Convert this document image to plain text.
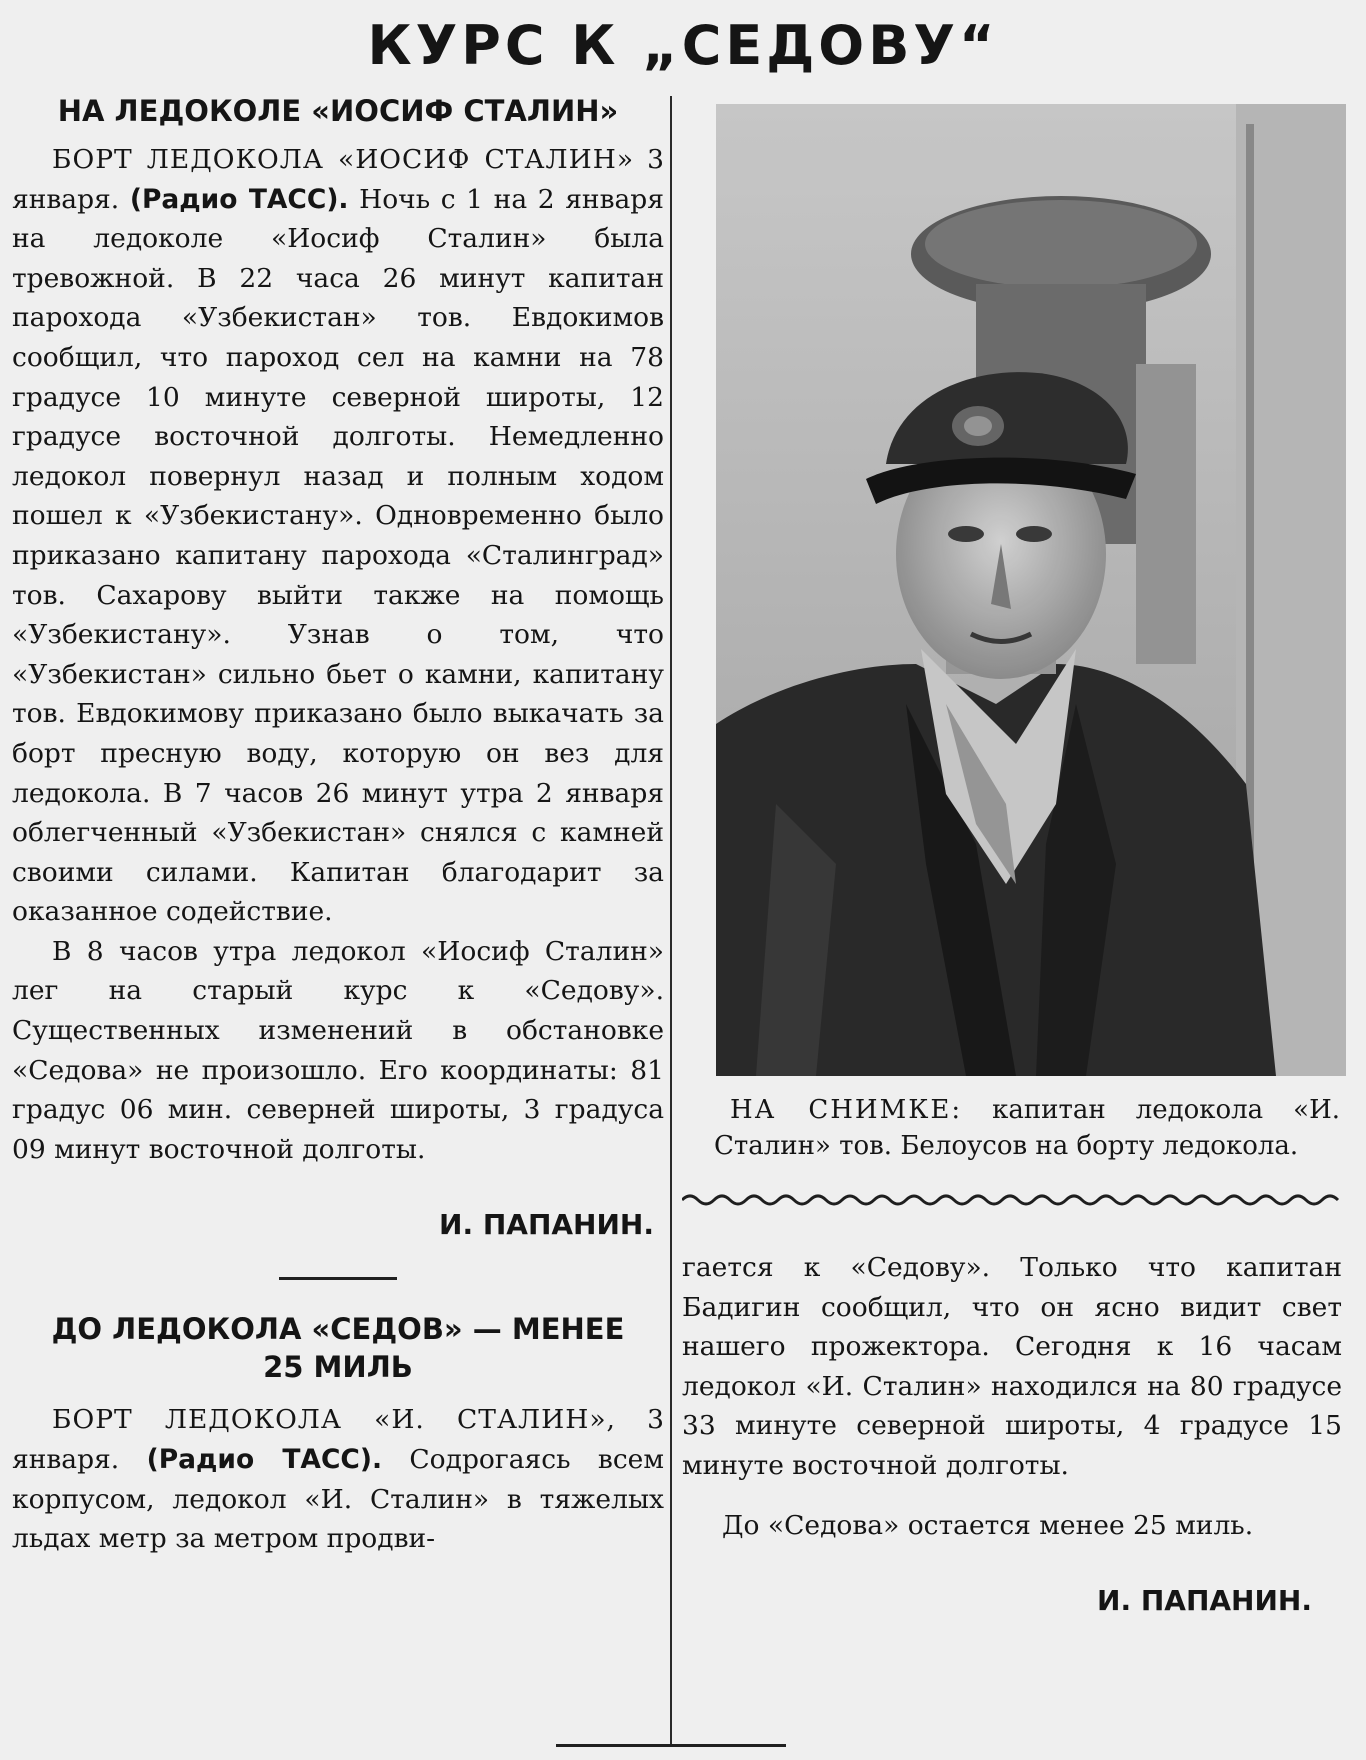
КУРС К „СЕДОВУ“
НА ЛЕДОКОЛЕ «ИОСИФ СТАЛИН»

БОРТ ЛЕДОКОЛА «ИОСИФ СТАЛИН» 3 января. (Радио ТАСС). Ночь с 1 на 2 января на ледоколе «Иосиф Сталин» была тревожной. В 22 часа 26 минут капитан парохода «Узбекистан» тов. Евдокимов сообщил, что пароход сел на камни на 78 градусе 10 минуте северной широты, 12 градусе восточной долготы. Немедленно ледокол повернул назад и полным ходом пошел к «Узбекистану». Одновременно было приказано капитану парохода «Сталинград» тов. Сахарову выйти также на помощь «Узбекистану». Узнав о том, что «Узбекистан» сильно бьет о камни, капитану тов. Евдокимову приказано было выкачать за борт пресную воду, которую он вез для ледокола. В 7 часов 26 минут утра 2 января облегченный «Узбекистан» снялся с камней своими силами. Капитан благодарит за оказанное содействие.

В 8 часов утра ледокол «Иосиф Сталин» лег на старый курс к «Седову». Существенных изменений в обстановке «Седова» не произошло. Его координаты: 81 градус 06 мин. северней широты, 3 градуса 09 минут восточной долготы.

И. ПАПАНИН.
ДО ЛЕДОКОЛА «СЕДОВ» — МЕНЕЕ
25 МИЛЬ

БОРТ ЛЕДОКОЛА «И. СТАЛИН», 3 января. (Радио ТАСС). Содрогаясь всем корпусом, ледокол «И. Сталин» в тяжелых льдах метр за метром продви-

НА СНИМКЕ: капитан ледокола «И. Сталин» тов. Белоусов на борту ледокола.

гается к «Седову». Только что капитан Бадигин сообщил, что он ясно видит свет нашего прожектора. Сегодня к 16 часам ледокол «И. Сталин» находился на 80 градусе 33 минуте северной широты, 4 градусе 15 минуте восточной долготы.

До «Седова» остается менее 25 миль.

И. ПАПАНИН.
